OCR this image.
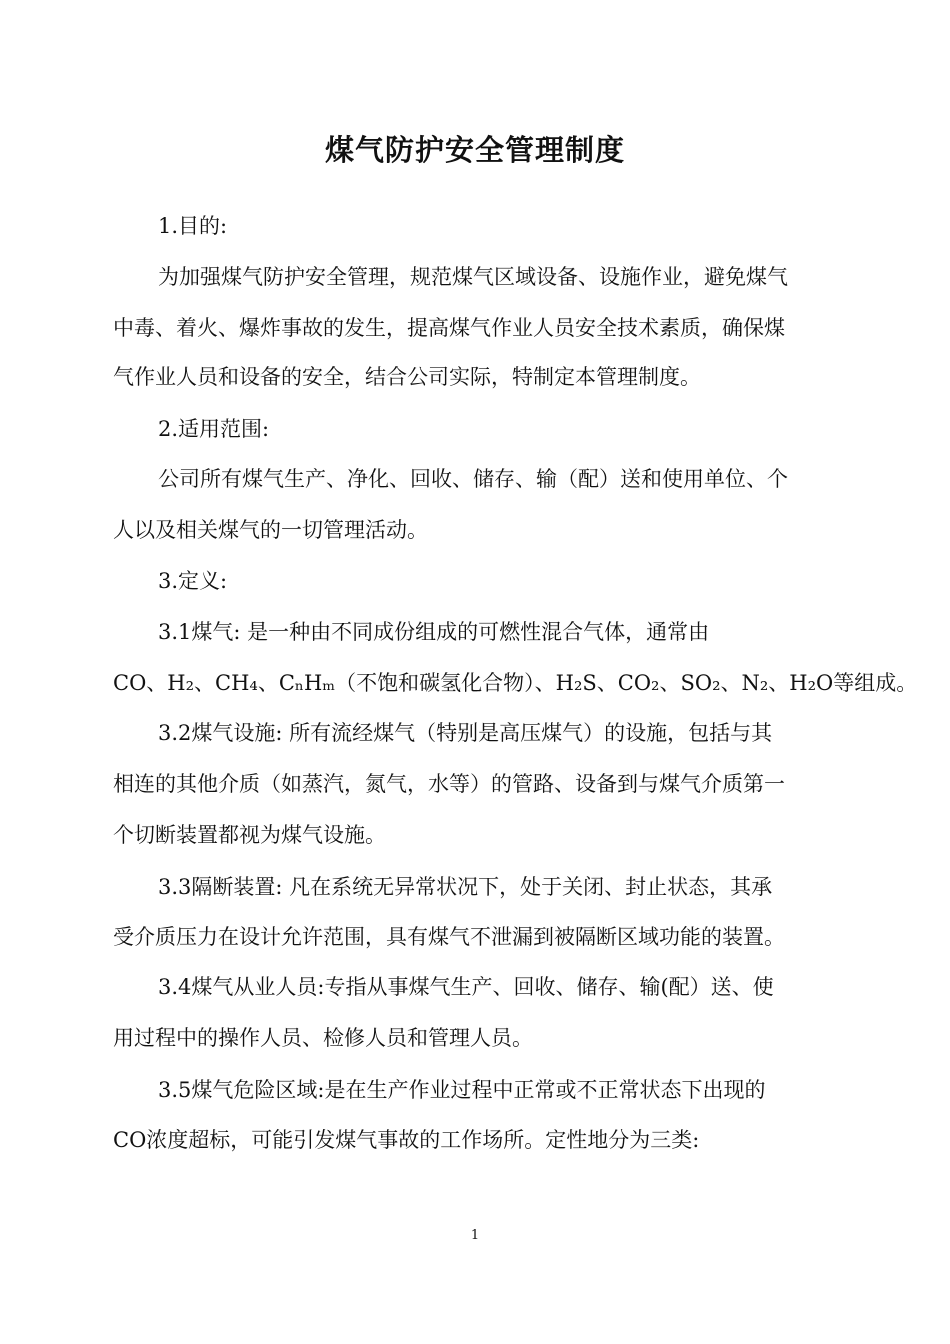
煤气防护安全管理制度
1.目的:
为加强煤气防护安全管理，规范煤气区域设备、设施作业，避免煤气
中毒、着火、爆炸事故的发生，提高煤气作业人员安全技术素质，确保煤
气作业人员和设备的安全，结合公司实际，特制定本管理制度。
2.适用范围:
公司所有煤气生产、净化、回收、储存、输（配）送和使用单位、个
人以及相关煤气的一切管理活动。
3.定义:
3.1煤气: 是一种由不同成份组成的可燃性混合气体，通常由
CO、H₂、CH₄、CₙHₘ（不饱和碳氢化合物）、H₂S、CO₂、SO₂、N₂、H₂O等组成。
3.2煤气设施: 所有流经煤气（特别是高压煤气）的设施，包括与其
相连的其他介质（如蒸汽，氮气，水等）的管路、设备到与煤气介质第一
个切断装置都视为煤气设施。
3.3隔断装置: 凡在系统无异常状况下，处于关闭、封止状态，其承
受介质压力在设计允许范围，具有煤气不泄漏到被隔断区域功能的装置。
3.4煤气从业人员:专指从事煤气生产、回收、储存、输(配）送、使
用过程中的操作人员、检修人员和管理人员。
3.5煤气危险区域:是在生产作业过程中正常或不正常状态下出现的
CO浓度超标，可能引发煤气事故的工作场所。定性地分为三类:
1
